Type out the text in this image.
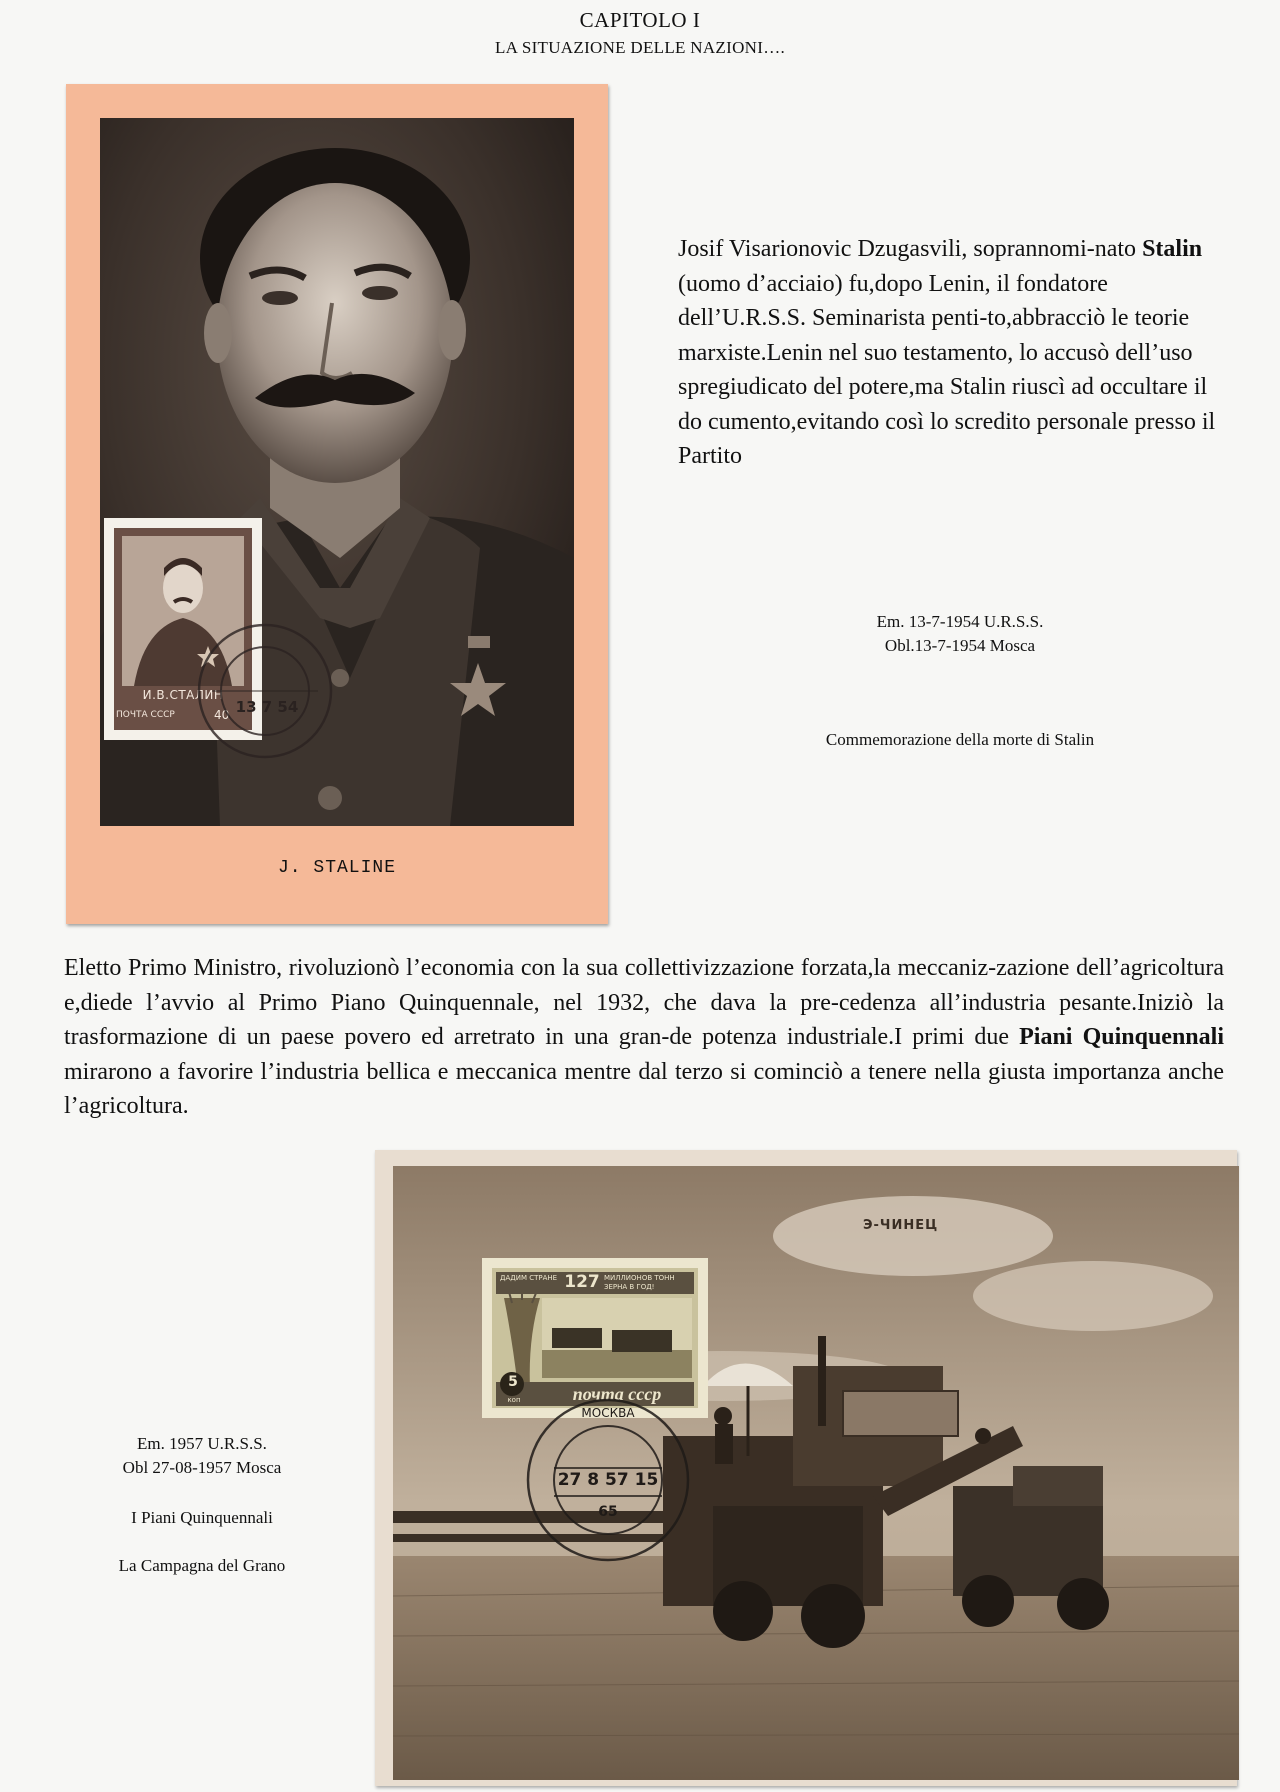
CAPITOLO I
LA SITUAZIONE DELLE NAZIONI….
И.В.СТАЛИН
ПОЧТА СССР	40 13 7 54
J. STALINE
Josif Visarionovic Dzugasvili, soprannomi-nato Stalin (uomo d’acciaio) fu,dopo Lenin, il fondatore dell’U.R.S.S. Seminarista penti-to,abbracciò le teorie marxiste.Lenin nel suo testamento, lo accusò dell’uso spregiudicato del potere,ma Stalin riuscì ad occultare il do cumento,evitando così lo scredito personale presso il Partito
Em. 13-7-1954 U.R.S.S.
Obl.13-7-1954 Mosca
Commemorazione della morte di Stalin
Eletto Primo Ministro, rivoluzionò l’economia con la sua collettivizzazione forzata,la meccaniz-zazione dell’agricoltura e,diede l’avvio al Primo Piano Quinquennale, nel 1932, che dava la pre-cedenza all’industria pesante.Iniziò la trasformazione di un paese povero ed arretrato in una gran-de potenza industriale.I primi due Piani Quinquennali mirarono a favorire l’industria bellica e meccanica mentre dal terzo si cominciò a tenere nella giusta importanza anche l’agricoltura.
Э-ЧИНЕЦ
ДАДИМ СТРАНЕ 127 МИЛЛИОНОВ ТОНН ЗЕРНА В ГОД!
5
коп	почта ссср
27 8 57 15
МОСКВА
65
Em. 1957 U.R.S.S.
Obl 27-08-1957 Mosca
I Piani Quinquennali
La Campagna del Grano
